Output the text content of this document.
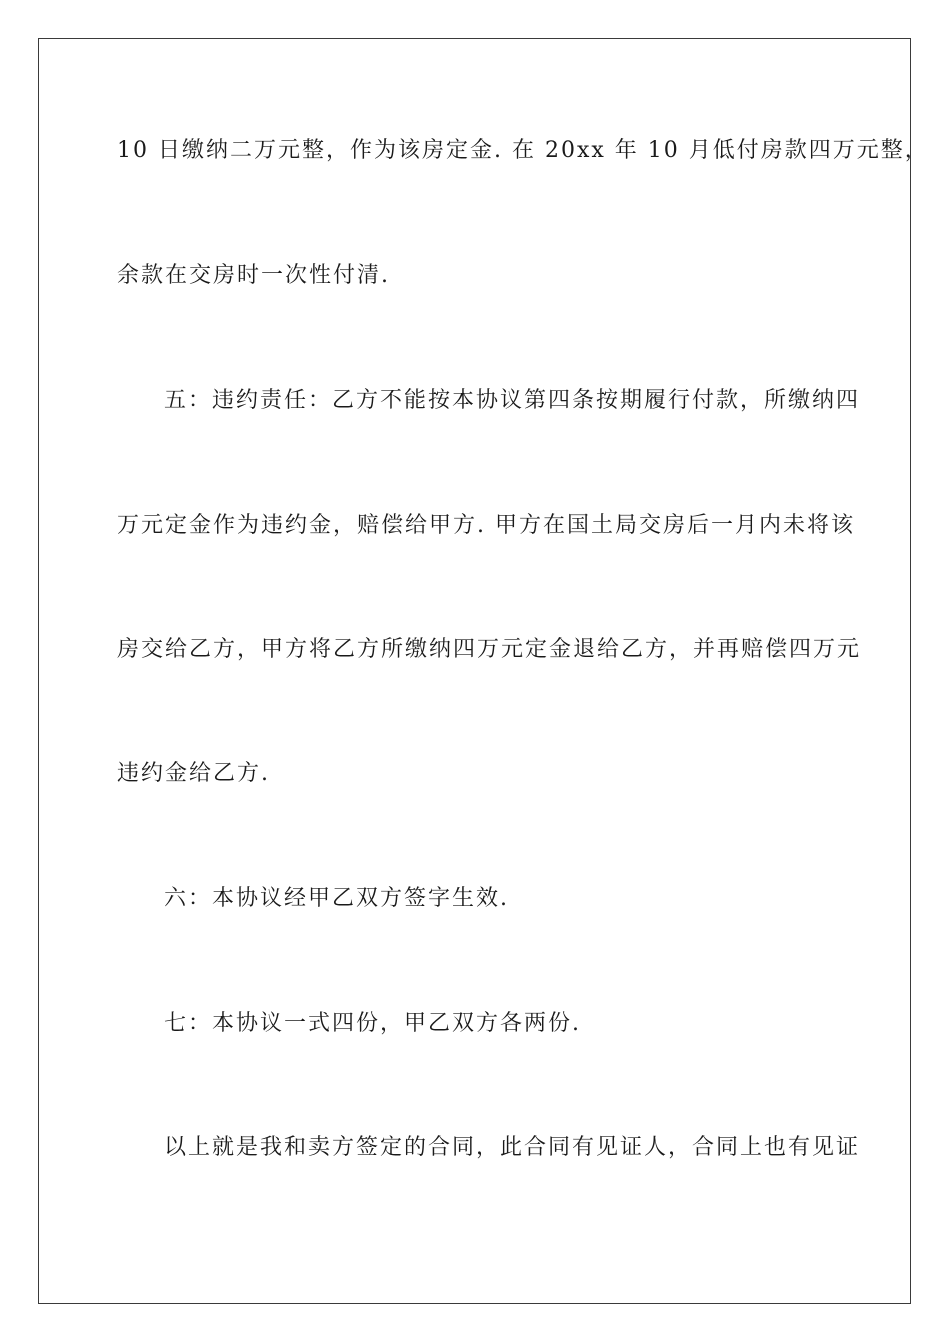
10 日缴纳二万元整，作为该房定金. 在 20xx 年 10 月低付房款四万元整，
余款在交房时一次性付清.
五：违约责任：乙方不能按本协议第四条按期履行付款，所缴纳四
万元定金作为违约金，赔偿给甲方. 甲方在国土局交房后一月内未将该
房交给乙方，甲方将乙方所缴纳四万元定金退给乙方，并再赔偿四万元
违约金给乙方.
六：本协议经甲乙双方签字生效.
七：本协议一式四份，甲乙双方各两份.
以上就是我和卖方签定的合同，此合同有见证人，合同上也有见证
